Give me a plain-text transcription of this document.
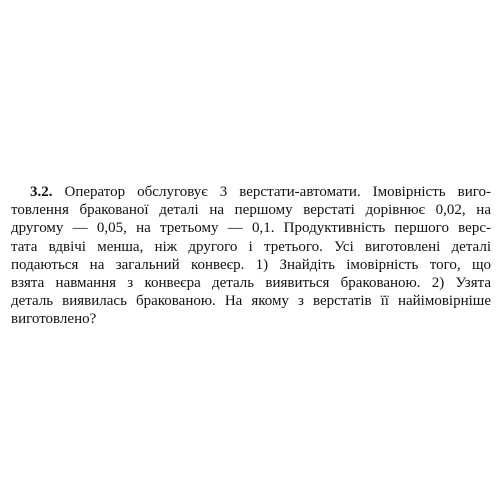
3.2. Оператор обслуговує 3 верстати-автомати. Імовірність виго-
товлення бракованої деталі на першому верстаті дорівнює 0,02, на
другому — 0,05, на третьому — 0,1. Продуктивність першого верс-
тата вдвічі менша, ніж другого і третього. Усі виготовлені деталі
подаються на загальний конвеєр. 1) Знайдіть імовірність того, що
взята навмання з конвеєра деталь виявиться бракованою. 2) Узята
деталь виявилась бракованою. На якому з верстатів її найімовірніше
виготовлено?
